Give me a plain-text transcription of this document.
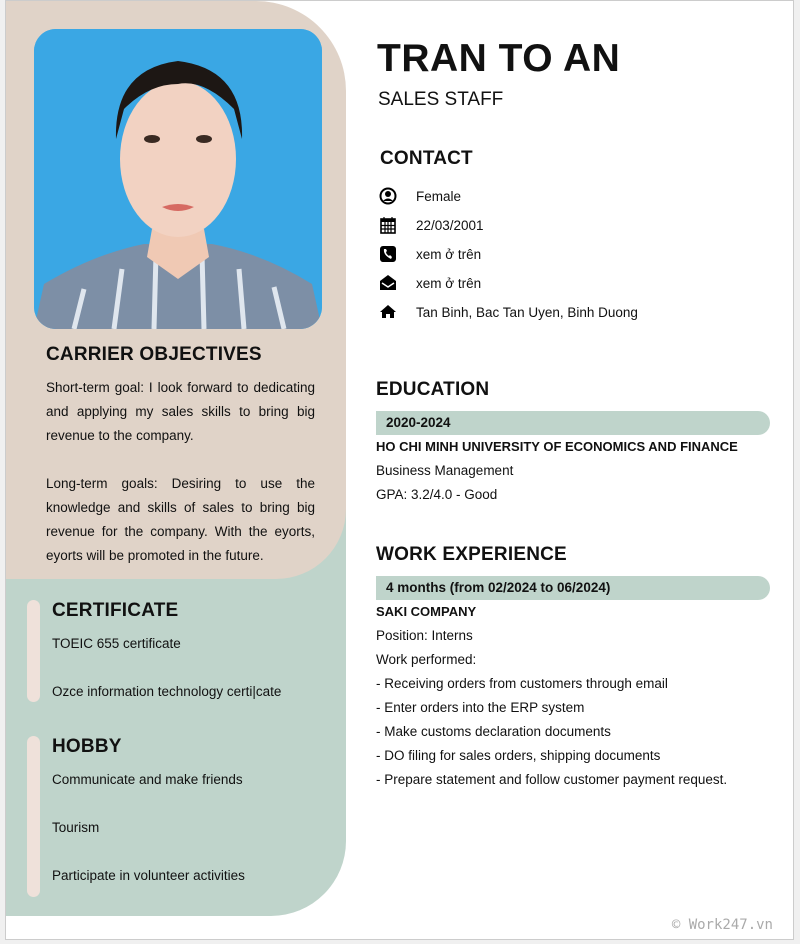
CARRIER OBJECTIVES

Short-term goal: I look forward to dedicating and applying my sales skills to bring big revenue to the company.

Long-term goals: Desiring to use the knowledge and skills of sales to bring big revenue for the company. With the eyorts, eyorts will be promoted in the future.

CERTIFICATE
TOEIC 655 certificate
Ozce information technology certi|cate
HOBBY
Communicate and make friends
Tourism
Participate in volunteer activities
TRAN TO AN
SALES STAFF
CONTACT
Female
22/03/2001
xem ở trên
xem ở trên
Tan Binh, Bac Tan Uyen, Binh Duong
EDUCATION
2020-2024
HO CHI MINH UNIVERSITY OF ECONOMICS AND FINANCE
Business Management
GPA: 3.2/4.0 - Good
WORK EXPERIENCE
4 months (from 02/2024 to 06/2024)
SAKI COMPANY
Position: Interns
Work performed:
- Receiving orders from customers through email
- Enter orders into the ERP system
- Make customs declaration documents
- DO filing for sales orders, shipping documents
- Prepare statement and follow customer payment request.
© Work247.vn
